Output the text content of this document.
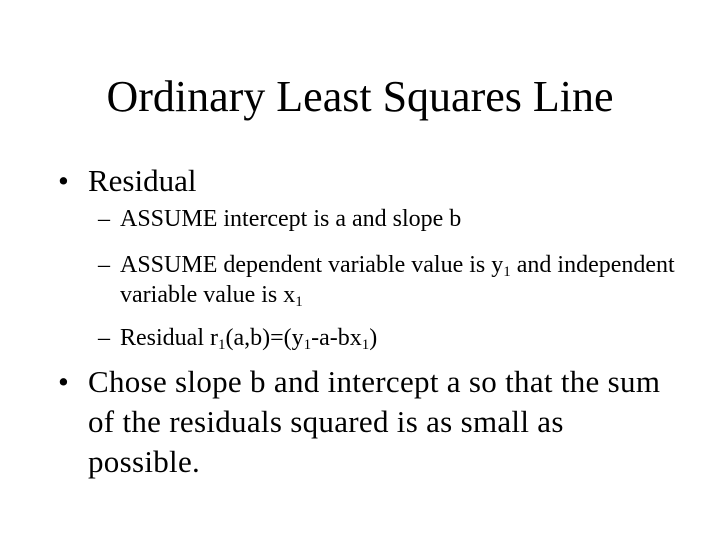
Ordinary Least Squares Line
• Residual
– ASSUME intercept is a and slope b
– ASSUME dependent variable value is $y_1$ and independent variable value is $x_1$
– Residual $r_1(a,b)=(y_1-a-bx_1)$
• Chose slope b and intercept a so that the sum of the residuals squared is as small as possible.
